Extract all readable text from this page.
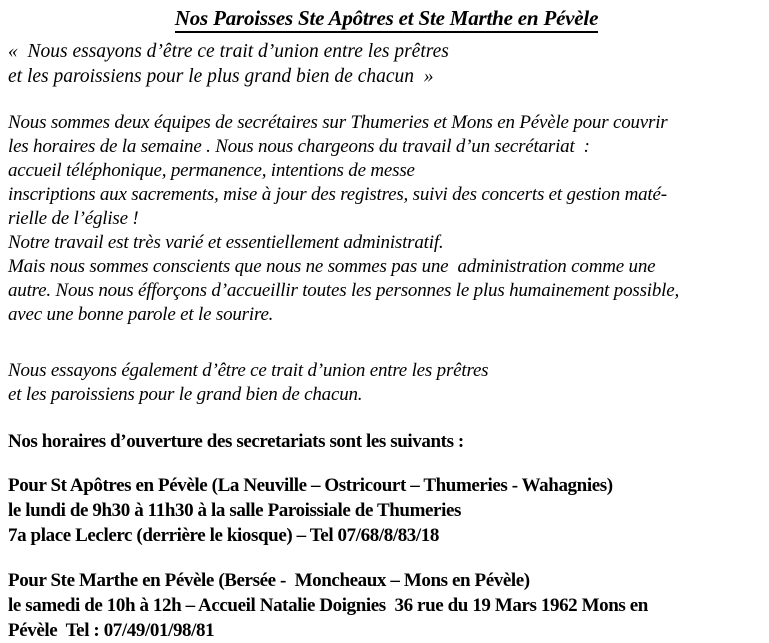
Nos Paroisses Ste Apôtres et Ste Marthe en Pévèle
«  Nous essayons d’être ce trait d’union entre les prêtres
et les paroissiens pour le plus grand bien de chacun  »
Nous sommes deux équipes de secrétaires sur Thumeries et Mons en Pévèle pour couvrir
les horaires de la semaine . Nous nous chargeons du travail d’un secrétariat  :
accueil téléphonique, permanence, intentions de messe
inscriptions aux sacrements, mise à jour des registres, suivi des concerts et gestion maté-
rielle de l’église !
Notre travail est très varié et essentiellement administratif.
Mais nous sommes conscients que nous ne sommes pas une  administration comme une
autre. Nous nous éfforçons d’accueillir toutes les personnes le plus humainement possible,
avec une bonne parole et le sourire.
Nous essayons également d’être ce trait d’union entre les prêtres
et les paroissiens pour le grand bien de chacun.
Nos horaires d’ouverture des secretariats sont les suivants :
Pour St Apôtres en Pévèle (La Neuville – Ostricourt – Thumeries - Wahagnies)
le lundi de 9h30 à 11h30 à la salle Paroissiale de Thumeries
7a place Leclerc (derrière le kiosque) – Tel 07/68/8/83/18
Pour Ste Marthe en Pévèle (Bersée -  Moncheaux – Mons en Pévèle)
le samedi de 10h à 12h – Accueil Natalie Doignies  36 rue du 19 Mars 1962 Mons en
Pévèle  Tel : 07/49/01/98/81
